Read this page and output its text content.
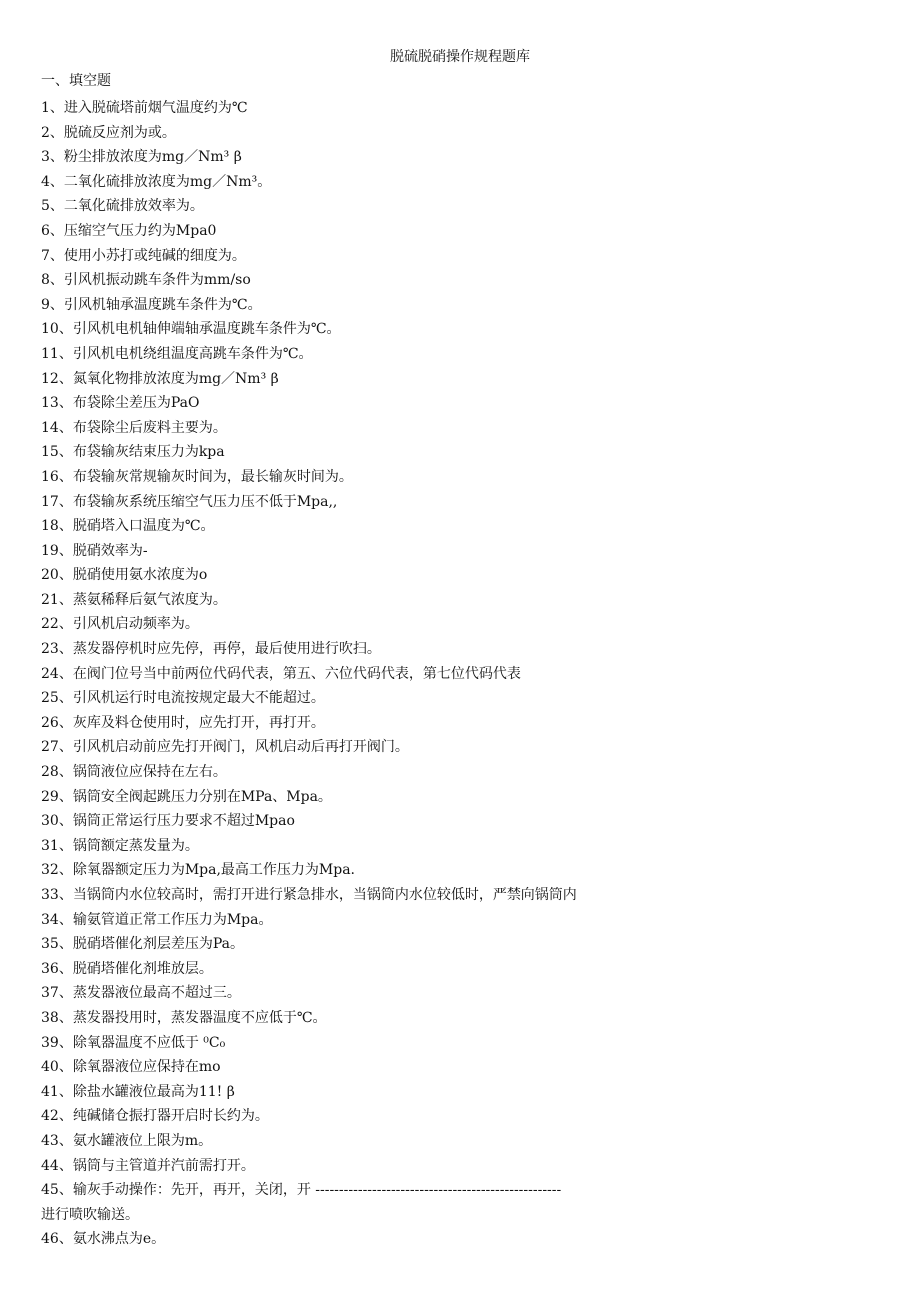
脱硫脱硝操作规程题库
一、填空题
1、进入脱硫塔前烟气温度约为℃
2、脱硫反应剂为或。
3、粉尘排放浓度为mg／Nm³ β
4、二氧化硫排放浓度为mg／Nm³。
5、二氧化硫排放效率为。
6、压缩空气压力约为Mpa0
7、使用小苏打或纯碱的细度为。
8、引风机振动跳车条件为mm/so
9、引风机轴承温度跳车条件为℃。
10、引风机电机轴伸端轴承温度跳车条件为℃。
11、引风机电机绕组温度高跳车条件为℃。
12、氮氧化物排放浓度为mg／Nm³ β
13、布袋除尘差压为PaO
14、布袋除尘后废料主要为。
15、布袋输灰结束压力为kpa
16、布袋输灰常规输灰时间为，最长输灰时间为。
17、布袋输灰系统压缩空气压力压不低于Mpa,,
18、脱硝塔入口温度为℃。
19、脱硝效率为-
20、脱硝使用氨水浓度为o
21、蒸氨稀释后氨气浓度为。
22、引风机启动频率为。
23、蒸发器停机时应先停，再停，最后使用进行吹扫。
24、在阀门位号当中前两位代码代表，第五、六位代码代表，第七位代码代表
25、引风机运行时电流按规定最大不能超过。
26、灰库及料仓使用时，应先打开，再打开。
27、引风机启动前应先打开阀门，风机启动后再打开阀门。
28、锅筒液位应保持在左右。
29、锅筒安全阀起跳压力分别在MPa、Mpa。
30、锅筒正常运行压力要求不超过Mpao
31、锅筒额定蒸发量为。
32、除氧器额定压力为Mpa,最高工作压力为Mpa.
33、当锅筒内水位较高时，需打开进行紧急排水，当锅筒内水位较低时，严禁向锅筒内
34、输氨管道正常工作压力为Mpa。
35、脱硝塔催化剂层差压为Pa。
36、脱硝塔催化剂堆放层。
37、蒸发器液位最高不超过三。
38、蒸发器投用时，蒸发器温度不应低于℃。
39、除氧器温度不应低于 ⁰C₀
40、除氧器液位应保持在mo
41、除盐水罐液位最高为11! β
42、纯碱储仓振打器开启时长约为。
43、氨水罐液位上限为m。
44、锅筒与主管道并汽前需打开。
45、输灰手动操作：先开，再开，关闭，开 ----------------------------------------------------
进行喷吹输送。
46、氨水沸点为e。
